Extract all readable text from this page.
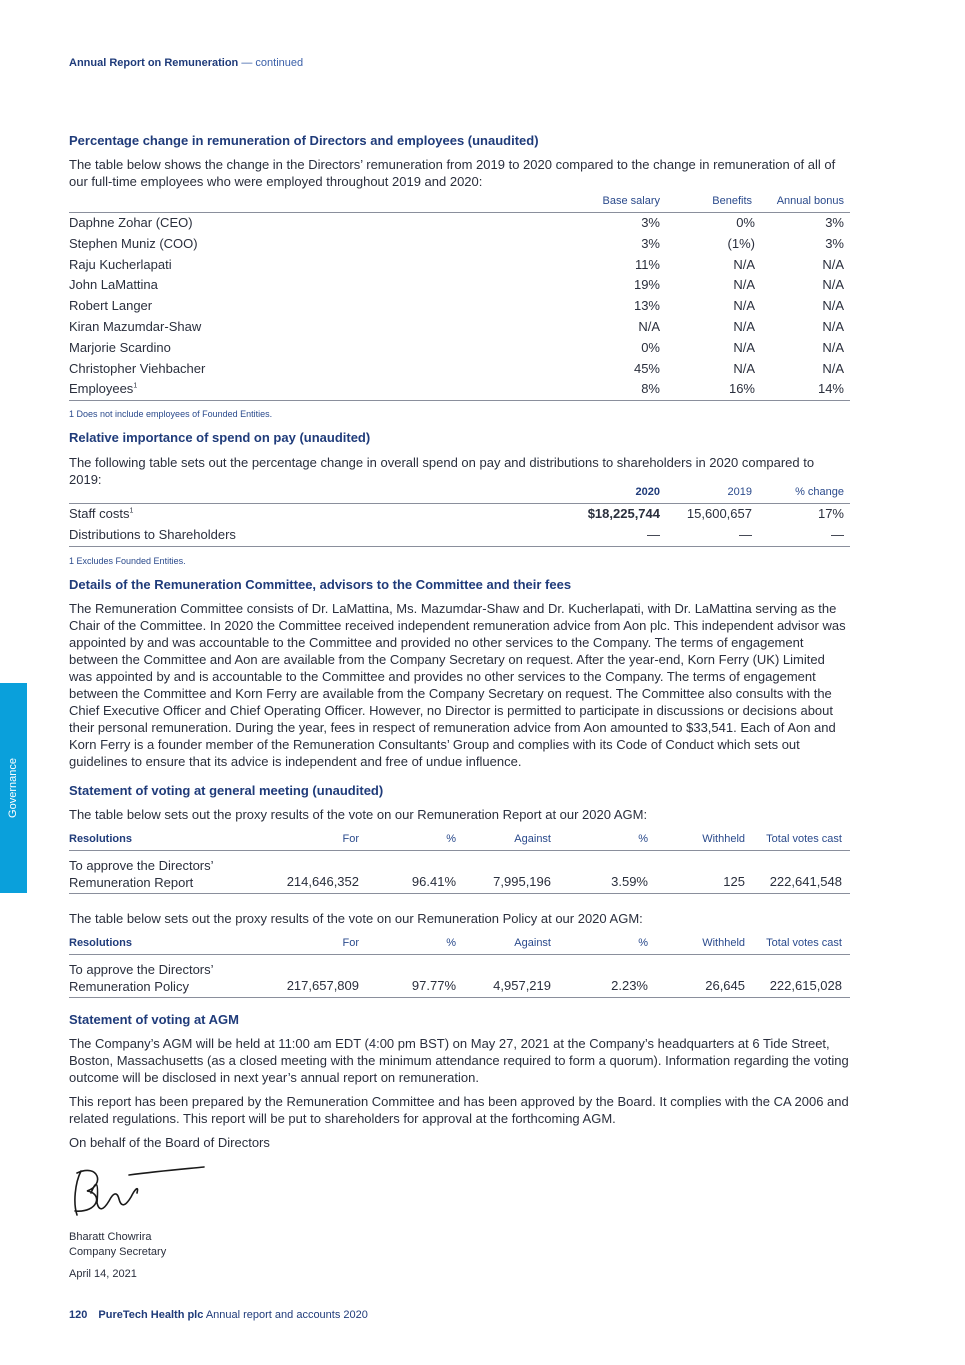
Annual Report on Remuneration — continued
Governance
Percentage change in remuneration of Directors and employees (unaudited)

The table below shows the change in the Directors’ remuneration from 2019 to 2020 compared to the change in remuneration of all of our full-time employees who were employed throughout 2019 and 2020:

Base salary	Benefits Annual bonus
Daphne Zohar (CEO)	3%	0%	3%
Stephen Muniz (COO)	3%	(1%)	3%
Raju Kucherlapati	11%	N/A	N/A
John LaMattina	19%	N/A	N/A
Robert Langer	13%	N/A	N/A
Kiran Mazumdar-Shaw	N/A	N/A	N/A
Marjorie Scardino	0%	N/A	N/A
Christopher Viehbacher	45%	N/A	N/A
Employees$^1$	8%	16%	14%
1 Does not include employees of Founded Entities.
Relative importance of spend on pay (unaudited)

The following table sets out the percentage change in overall spend on pay and distributions to shareholders in 2020 compared to 2019:

2020	2019	% change
Staff costs$^1$	$18,225,744 15,600,657	17%
Distributions to Shareholders	—	—	—
1 Excludes Founded Entities.
Details of the Remuneration Committee, advisors to the Committee and their fees

The Remuneration Committee consists of Dr. LaMattina, Ms. Mazumdar-Shaw and Dr. Kucherlapati, with Dr. LaMattina serving as the Chair of the Committee. In 2020 the Committee received independent remuneration advice from Aon plc. This independent advisor was appointed by and was accountable to the Committee and provided no other services to the Company. The terms of engagement between the Committee and Aon are available from the Company Secretary on request. After the year-end, Korn Ferry (UK) Limited was appointed by and is accountable to the Committee and provides no other services to the Company. The terms of engagement between the Committee and Korn Ferry are available from the Company Secretary on request. The Committee also consults with the Chief Executive Officer and Chief Operating Officer. However, no Director is permitted to participate in discussions or decisions about their personal remuneration. During the year, fees in respect of remuneration advice from Aon amounted to $33,541. Each of Aon and Korn Ferry is a founder member of the Remuneration Consultants’ Group and complies with its Code of Conduct which sets out guidelines to ensure that its advice is independent and free of undue influence.

Statement of voting at general meeting (unaudited)

The table below sets out the proxy results of the vote on our Remuneration Report at our 2020 AGM:

Resolutions	For	%	Against	%	Withheld Total votes cast
To approve the Directors’
Remuneration Report	214,646,352	96.41%	7,995,196	3.59%	125 222,641,548

The table below sets out the proxy results of the vote on our Remuneration Policy at our 2020 AGM:

Resolutions	For	%	Against	%	Withheld Total votes cast
To approve the Directors’
Remuneration Policy	217,657,809	97.77%	4,957,219	2.23%	26,645 222,615,028
Statement of voting at AGM

The Company’s AGM will be held at 11:00 am EDT (4:00 pm BST) on May 27, 2021 at the Company’s headquarters at 6 Tide Street, Boston, Massachusetts (as a closed meeting with the minimum attendance required to form a quorum). Information regarding the voting outcome will be disclosed in next year’s annual report on remuneration.

This report has been prepared by the Remuneration Committee and has been approved by the Board. It complies with the CA 2006 and related regulations. This report will be put to shareholders for approval at the forthcoming AGM.

On behalf of the Board of Directors

Bharatt Chowrira
Company Secretary
April 14, 2021
120 PureTech Health plc Annual report and accounts 2020
